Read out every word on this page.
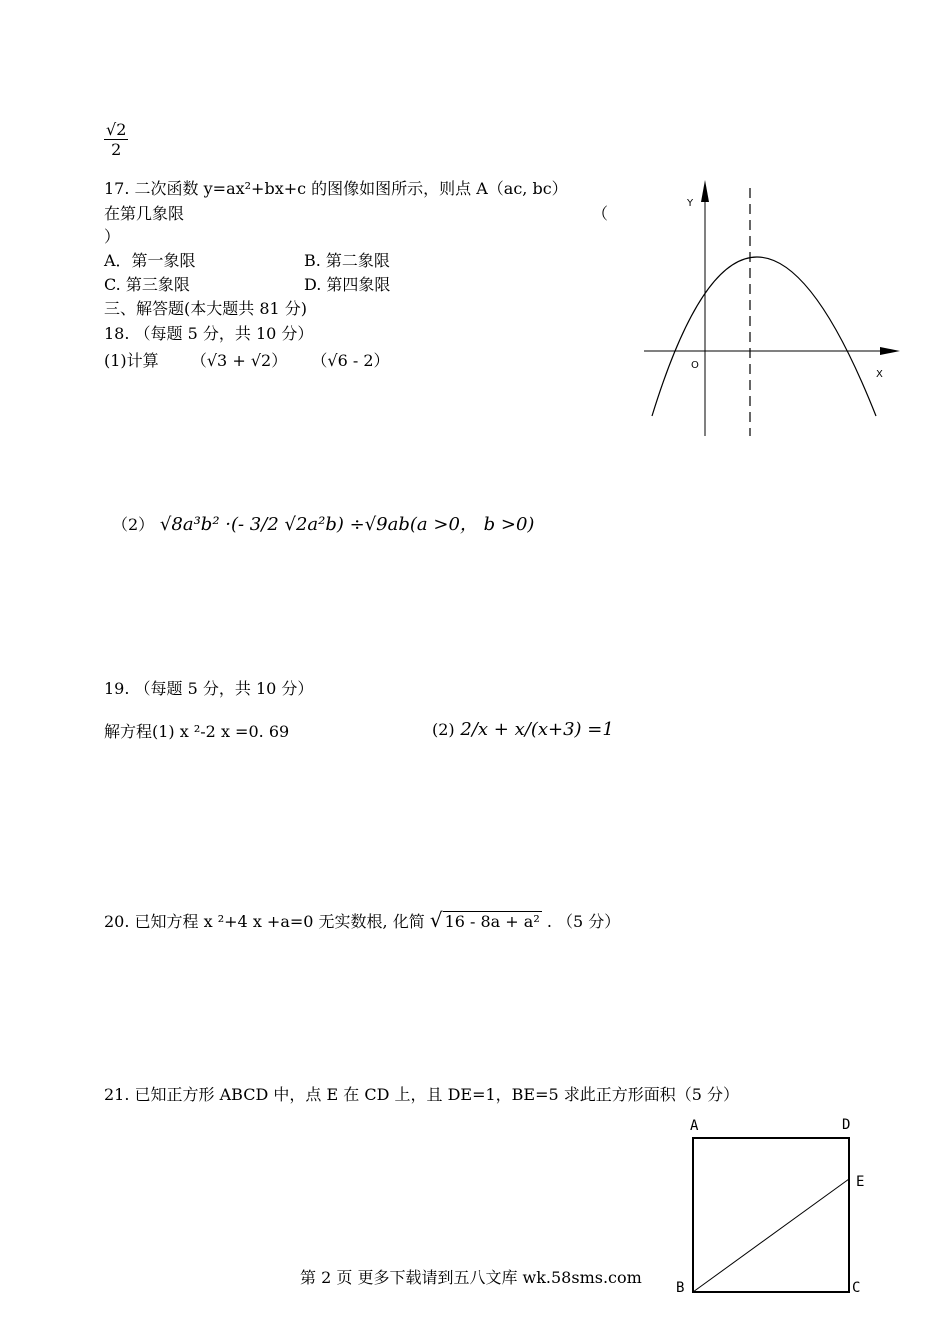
$\frac{√2}{2}$
17. 二次函数 y=ax²+bx+c 的图像如图所示，则点 A（ac, bc）
在第几象限	（
）
A．第一象限	B. 第二象限
C. 第三象限	D. 第四象限
三、解答题(本大题共 81 分)
18. （每题 5 分，共 10 分）
(1)计算 （√3 + √2） （√6 - 2）
（2） √8a³b² ·(- 3/2 √2a²b) ÷√9ab(a >0， b >0)
19. （每题 5 分，共 10 分）
解方程(1) x ²-2 x =0. 69	(2) 2/x + x/(x+3) =1
20. 已知方程 x ²+4 x +a=0 无实数根, 化简 √ 16 - 8a + a² . （5 分）
21. 已知正方形 ABCD 中，点 E 在 CD 上，且 DE=1，BE=5 求此正方形面积（5 分）
Y
X
O
A	D
E
B	C
第 2 页 更多下载请到五八文库 wk.58sms.com
